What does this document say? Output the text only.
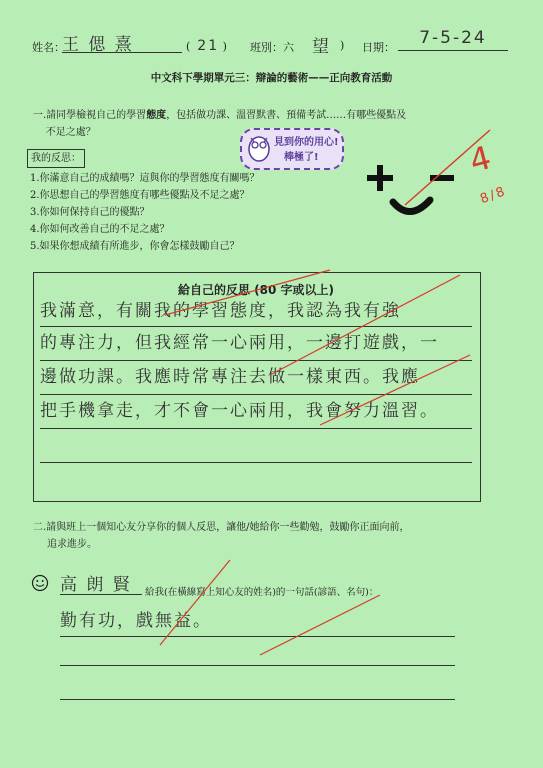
姓名：
王 偲 熹	(  21 ) 班別：六 望 ) 日期：	7-5-24
中文科下學期單元三：辯論的藝術——正向教育活動
一.請同學檢視自己的學習態度，包括做功課、溫習默書、預備考試……有哪些優點及
不足之處？
我的反思：
1.你滿意自己的成績嗎？這與你的學習態度有關嗎？
2.你思想自己的學習態度有哪些優點及不足之處？
3.你如何保持自己的優點？
4.你如何改善自己的不足之處？
5.如果你想成績有所進步，你會怎樣鼓勵自己？
見到你的用心!
棒極了!	4
8/8
給自己的反思 (80 字或以上)
我滿意，有關我的學習態度，我認為我有強
的專注力，但我經常一心兩用，一邊打遊戲，一
邊做功課。我應時常專注去做一樣東西。我應
把手機拿走，才不會一心兩用，我會努力溫習。
二.請與班上一個知心友分享你的個人反思，讓他/她給你一些勸勉，鼓勵你正面向前，
追求進步。
高 朗 賢	給我(在橫線寫上知心友的姓名)的一句話(諺語、名句)：
勤有功，戲無益。
